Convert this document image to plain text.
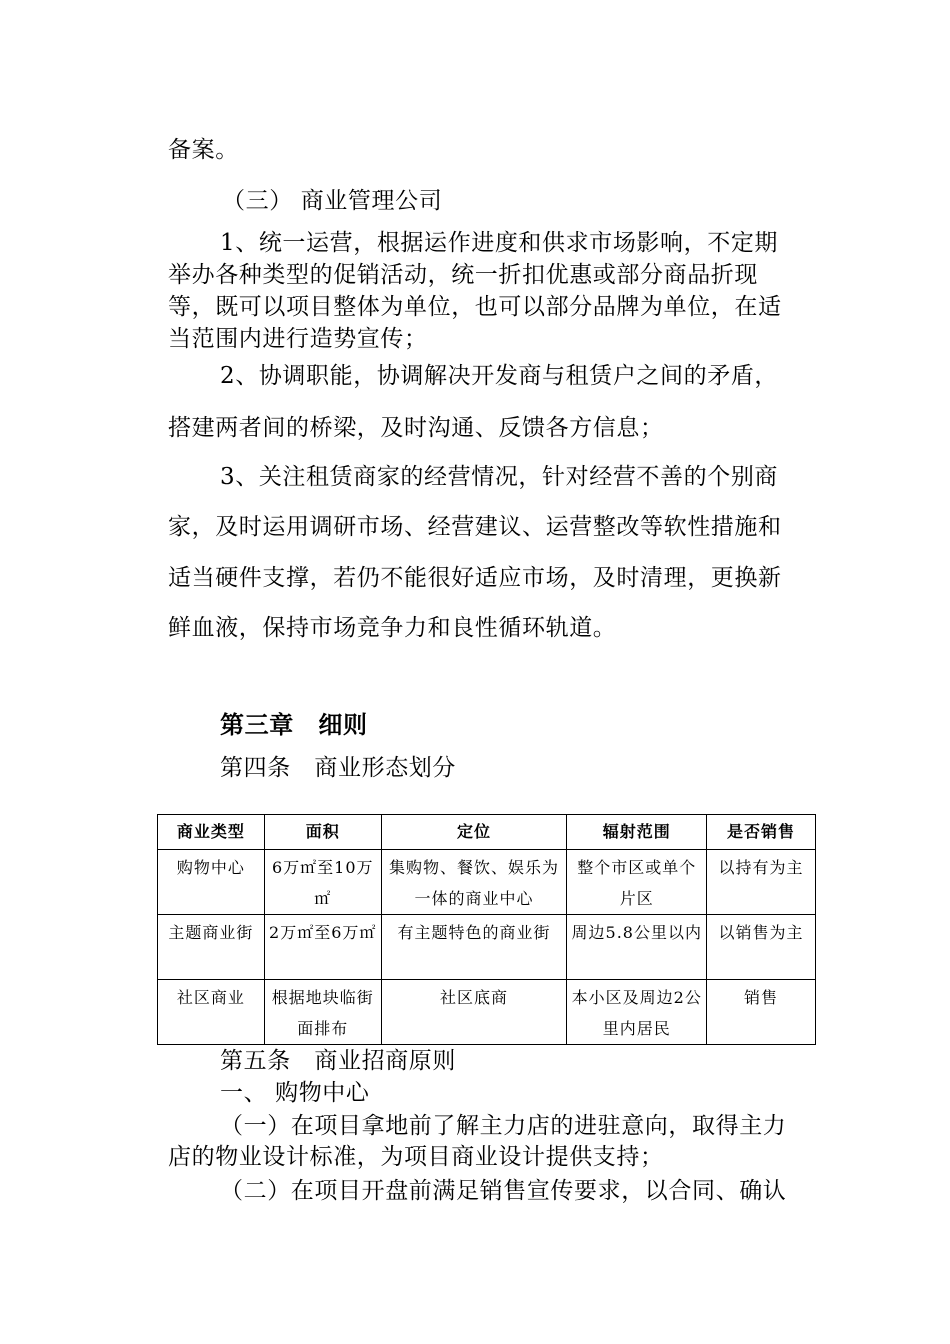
备案。
（三） 商业管理公司
1、统一运营，根据运作进度和供求市场影响，不定期
举办各种类型的促销活动，统一折扣优惠或部分商品折现
等，既可以项目整体为单位，也可以部分品牌为单位，在适
当范围内进行造势宣传；
2、协调职能，协调解决开发商与租赁户之间的矛盾，
搭建两者间的桥梁，及时沟通、反馈各方信息；
3、关注租赁商家的经营情况，针对经营不善的个别商
家，及时运用调研市场、经营建议、运营整改等软性措施和
适当硬件支撑，若仍不能很好适应市场，及时清理，更换新
鲜血液，保持市场竞争力和良性循环轨道。
第三章　细则
第四条　商业形态划分
商业类型	面积	定位	辐射范围	是否销售

购物中心	6万㎡至10万㎡	集购物、餐饮、娱乐为一体的商业中心	整个市区或单个片区	以持有为主

主题商业街	2万㎡至6万㎡	有主题特色的商业街	周边5.8公里以内	以销售为主

社区商业	根据地块临街面排布	社区底商	本小区及周边2公里内居民	销售
第五条　商业招商原则
一、 购物中心
（一）在项目拿地前了解主力店的进驻意向，取得主力
店的物业设计标准，为项目商业设计提供支持；
（二）在项目开盘前满足销售宣传要求，以合同、确认
